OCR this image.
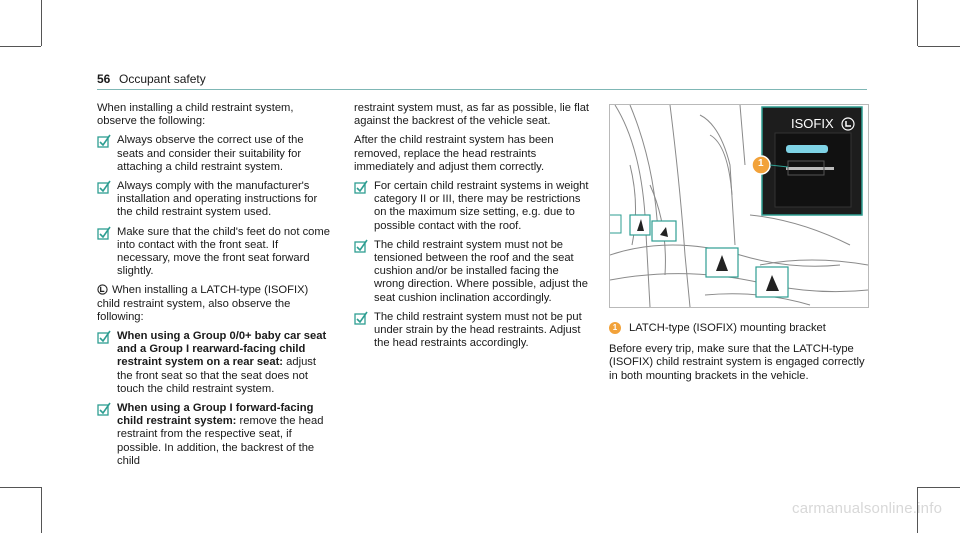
56 Occupant safety

When installing a child restraint system, observe the following:

Always observe the correct use of the seats and consider their suitability for attaching a child restraint system.
Always comply with the manufacturer's installation and operating instructions for the child restraint system used.
Make sure that the child's feet do not come into contact with the front seat. If necessary, move the front seat forward slightly.

When installing a LATCH-type (ISOFIX) child restraint system, also observe the following:

When using a Group 0/0+ baby car seat and a Group I rearward-facing child restraint system on a rear seat: adjust the front seat so that the seat does not touch the child restraint system.
When using a Group I forward-facing child restraint system: remove the head restraint from the respective seat, if possible. In addition, the backrest of the child

restraint system must, as far as possible, lie flat against the backrest of the vehicle seat.

After the child restraint system has been removed, replace the head restraints immediately and adjust them correctly.

For certain child restraint systems in weight category II or III, there may be restrictions on the maximum size setting, e.g. due to possible contact with the roof.
The child restraint system must not be tensioned between the roof and the seat cushion and/or be installed facing the wrong direction. Where possible, adjust the seat cushion inclination accordingly.
The child restraint system must not be put under strain by the head restraints. Adjust the head restraints accordingly.
ISOFIX
1

1 LATCH-type (ISOFIX) mounting bracket

Before every trip, make sure that the LATCH-type (ISOFIX) child restraint system is engaged correctly in both mounting brackets in the vehicle.

carmanualsonline.info
